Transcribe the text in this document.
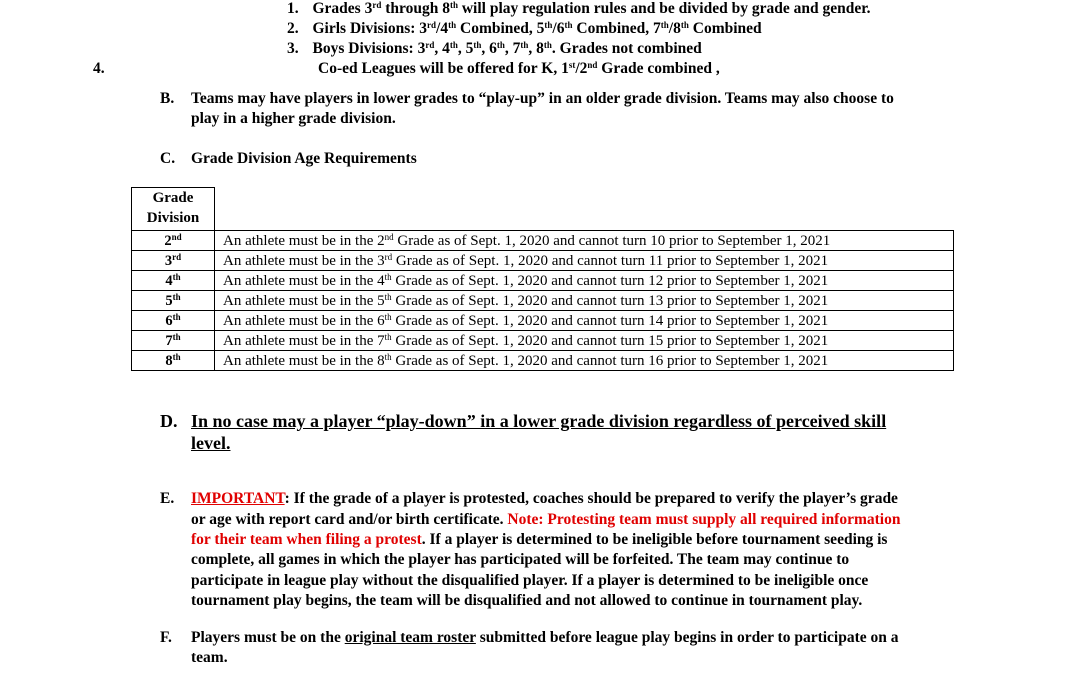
1. Grades 3rd through 8th will play regulation rules and be divided by grade and gender.
2. Girls Divisions: 3rd/4th Combined, 5th/6th Combined, 7th/8th Combined
3. Boys Divisions: 3rd, 4th, 5th, 6th, 7th, 8th. Grades not combined
4.	Co-ed Leagues will be offered for K, 1st/2nd Grade combined ,
B. Teams may have players in lower grades to “play-up” in an older grade division. Teams may also choose to
play in a higher grade division.
C. Grade Division Age Requirements
Grade
Division	

2nd	An athlete must be in the 2nd Grade as of Sept. 1, 2020 and cannot turn 10 prior to September 1, 2021
3rd	An athlete must be in the 3rd Grade as of Sept. 1, 2020 and cannot turn 11 prior to September 1, 2021
4th	An athlete must be in the 4th Grade as of Sept. 1, 2020 and cannot turn 12 prior to September 1, 2021
5th	An athlete must be in the 5th Grade as of Sept. 1, 2020 and cannot turn 13 prior to September 1, 2021
6th	An athlete must be in the 6th Grade as of Sept. 1, 2020 and cannot turn 14 prior to September 1, 2021
7th	An athlete must be in the 7th Grade as of Sept. 1, 2020 and cannot turn 15 prior to September 1, 2021
8th	An athlete must be in the 8th Grade as of Sept. 1, 2020 and cannot turn 16 prior to September 1, 2021
D. In no case may a player “play-down” in a lower grade division regardless of perceived skill
level.
E. IMPORTANT: If the grade of a player is protested, coaches should be prepared to verify the player’s grade
or age with report card and/or birth certificate. Note: Protesting team must supply all required information
for their team when filing a protest. If a player is determined to be ineligible before tournament seeding is
complete, all games in which the player has participated will be forfeited. The team may continue to
participate in league play without the disqualified player. If a player is determined to be ineligible once
tournament play begins, the team will be disqualified and not allowed to continue in tournament play.
F. Players must be on the original team roster submitted before league play begins in order to participate on a
team.
